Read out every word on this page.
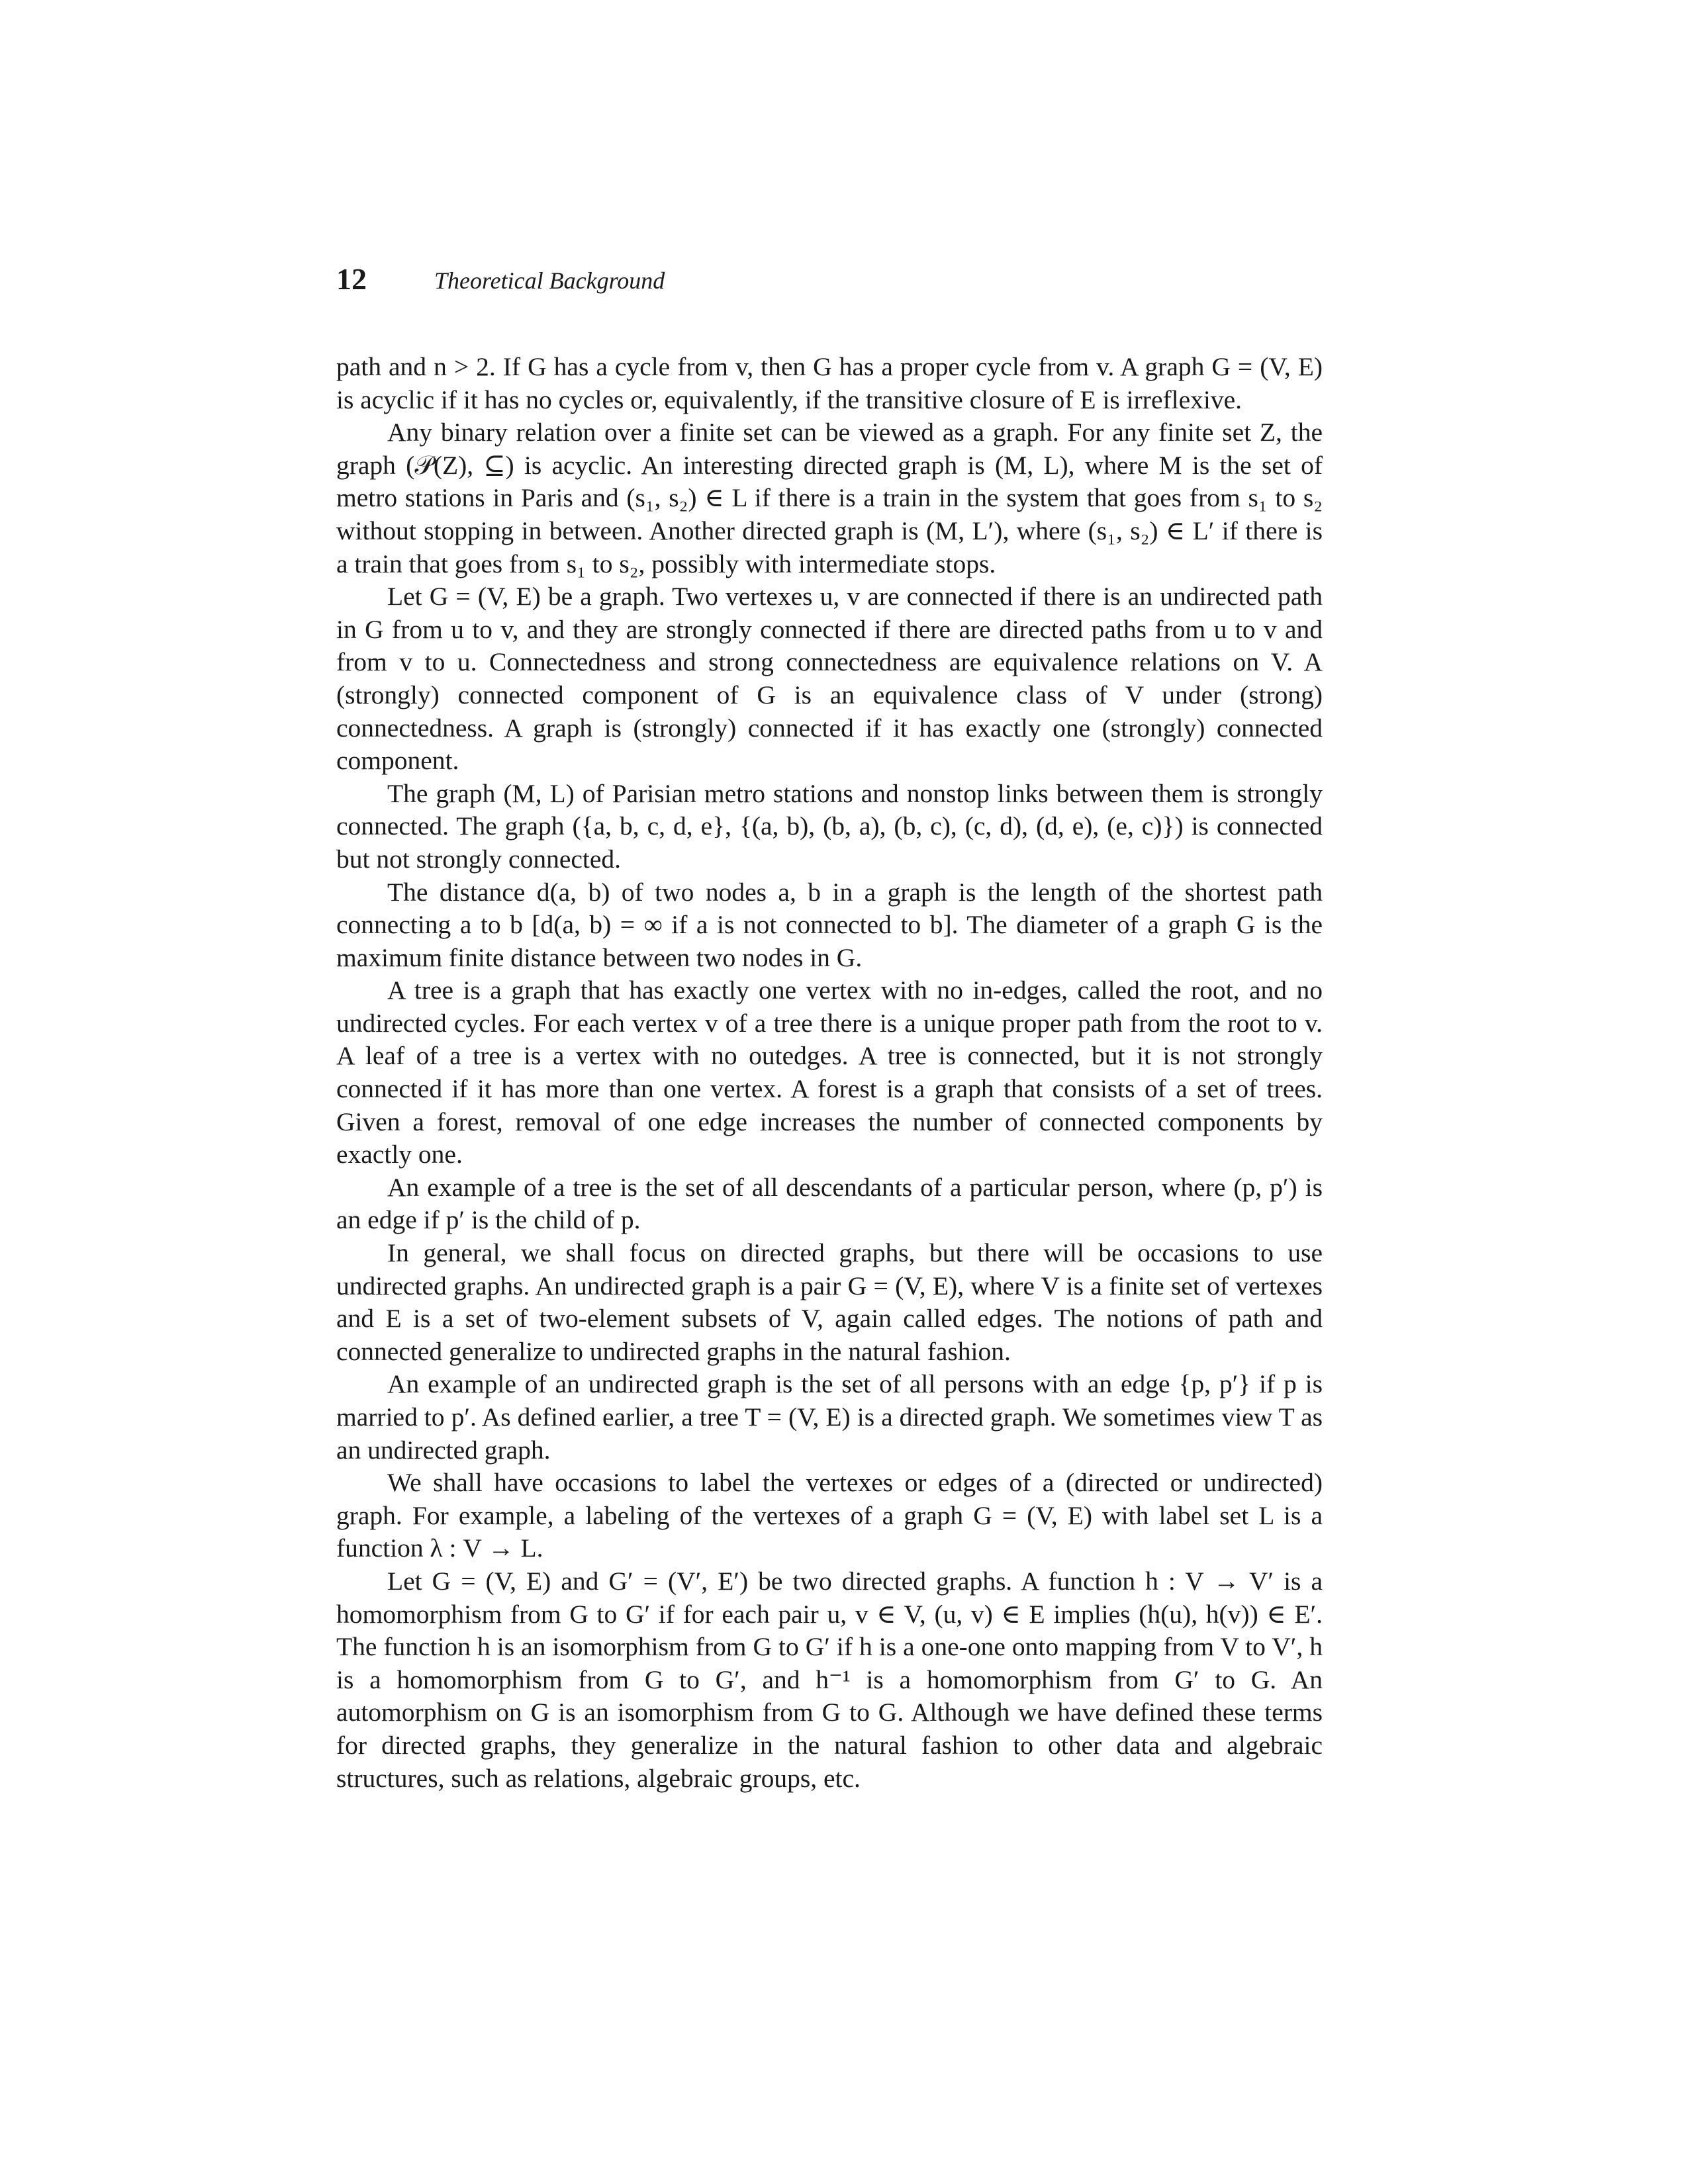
12	Theoretical Background

path and n > 2. If G has a cycle from v, then G has a proper cycle from v. A graph G = (V, E) is acyclic if it has no cycles or, equivalently, if the transitive closure of E is irreflexive.

Any binary relation over a finite set can be viewed as a graph. For any finite set Z, the graph (𝒫(Z), ⊆) is acyclic. An interesting directed graph is (M, L), where M is the set of metro stations in Paris and (s₁, s₂) ∈ L if there is a train in the system that goes from s₁ to s₂ without stopping in between. Another directed graph is (M, L′), where (s₁, s₂) ∈ L′ if there is a train that goes from s₁ to s₂, possibly with intermediate stops.

Let G = (V, E) be a graph. Two vertexes u, v are connected if there is an undirected path in G from u to v, and they are strongly connected if there are directed paths from u to v and from v to u. Connectedness and strong connectedness are equivalence relations on V. A (strongly) connected component of G is an equivalence class of V under (strong) connectedness. A graph is (strongly) connected if it has exactly one (strongly) connected component.

The graph (M, L) of Parisian metro stations and nonstop links between them is strongly connected. The graph ({a, b, c, d, e}, {(a, b), (b, a), (b, c), (c, d), (d, e), (e, c)}) is connected but not strongly connected.

The distance d(a, b) of two nodes a, b in a graph is the length of the shortest path connecting a to b [d(a, b) = ∞ if a is not connected to b]. The diameter of a graph G is the maximum finite distance between two nodes in G.

A tree is a graph that has exactly one vertex with no in-edges, called the root, and no undirected cycles. For each vertex v of a tree there is a unique proper path from the root to v. A leaf of a tree is a vertex with no outedges. A tree is connected, but it is not strongly connected if it has more than one vertex. A forest is a graph that consists of a set of trees. Given a forest, removal of one edge increases the number of connected components by exactly one.

An example of a tree is the set of all descendants of a particular person, where (p, p′) is an edge if p′ is the child of p.

In general, we shall focus on directed graphs, but there will be occasions to use undirected graphs. An undirected graph is a pair G = (V, E), where V is a finite set of vertexes and E is a set of two-element subsets of V, again called edges. The notions of path and connected generalize to undirected graphs in the natural fashion.

An example of an undirected graph is the set of all persons with an edge {p, p′} if p is married to p′. As defined earlier, a tree T = (V, E) is a directed graph. We sometimes view T as an undirected graph.

We shall have occasions to label the vertexes or edges of a (directed or undirected) graph. For example, a labeling of the vertexes of a graph G = (V, E) with label set L is a function λ : V → L.

Let G = (V, E) and G′ = (V′, E′) be two directed graphs. A function h : V → V′ is a homomorphism from G to G′ if for each pair u, v ∈ V, (u, v) ∈ E implies (h(u), h(v)) ∈ E′. The function h is an isomorphism from G to G′ if h is a one-one onto mapping from V to V′, h is a homomorphism from G to G′, and h⁻¹ is a homomorphism from G′ to G. An automorphism on G is an isomorphism from G to G. Although we have defined these terms for directed graphs, they generalize in the natural fashion to other data and algebraic structures, such as relations, algebraic groups, etc.
